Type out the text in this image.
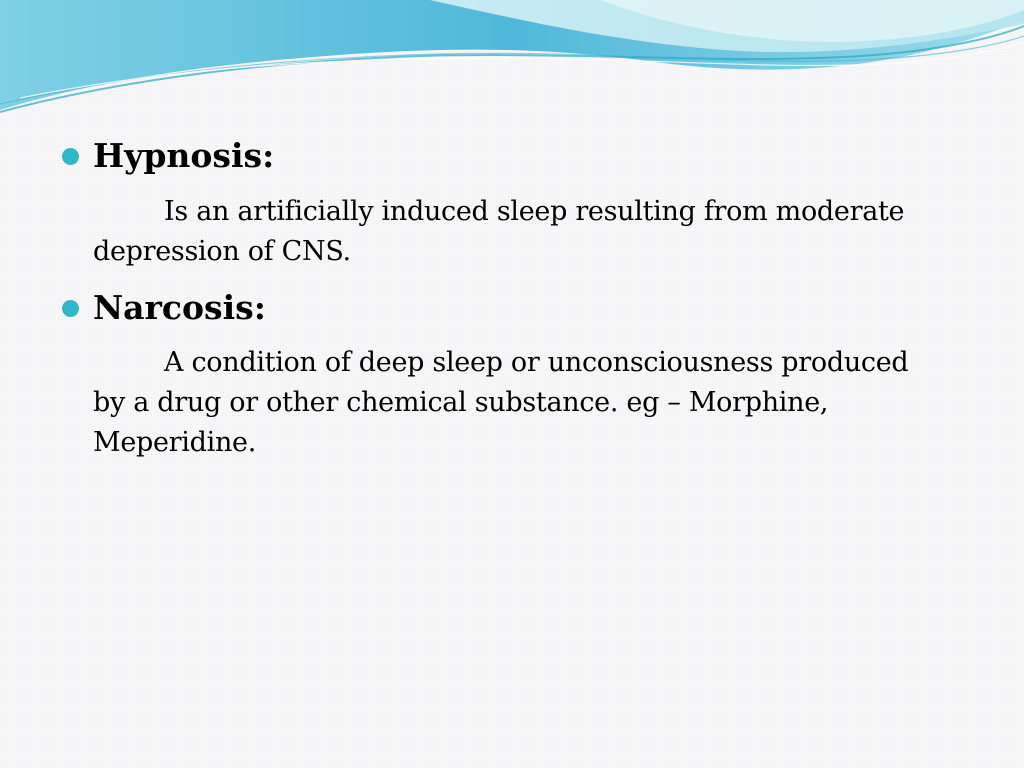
Hypnosis:
Is an artificially induced sleep resulting from moderate depression of CNS.
Narcosis:
A condition of deep sleep or unconsciousness produced by a drug or other chemical substance. eg – Morphine, Meperidine.
